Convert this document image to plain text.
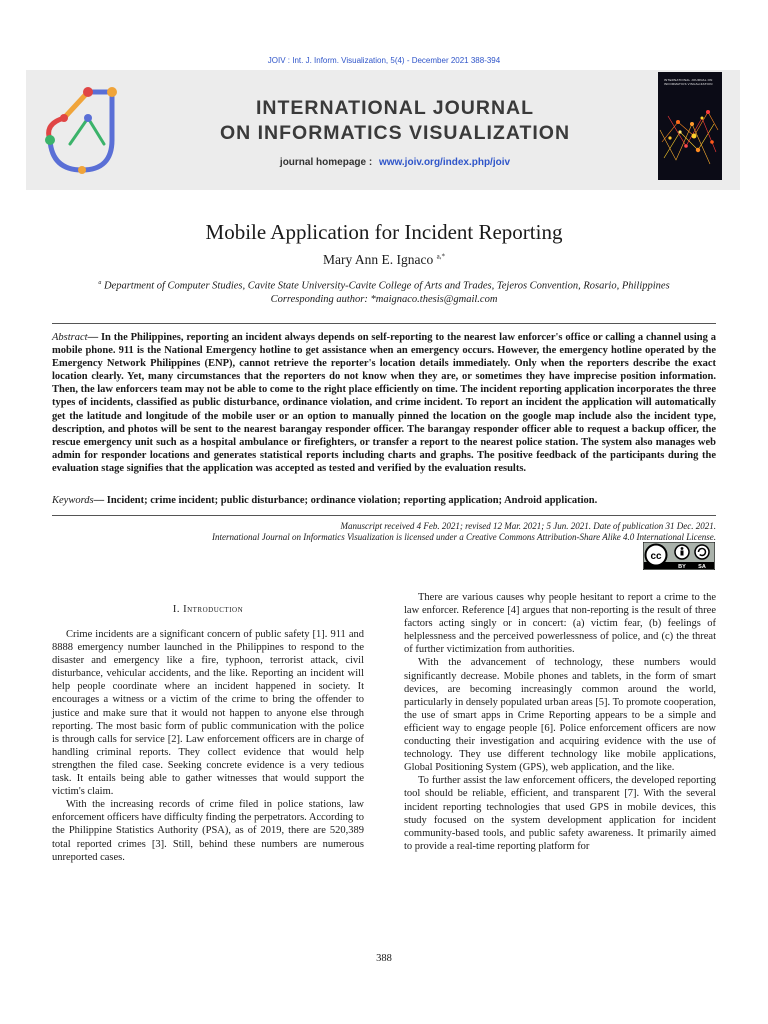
JOIV : Int. J. Inform. Visualization, 5(4) - December 2021 388-394
INTERNATIONAL JOURNAL
ON INFORMATICS VISUALIZATION
journal homepage : www.joiv.org/index.php/joiv
INTERNATIONAL JOURNAL ON INFORMATICS VISUALIZATION
Mobile Application for Incident Reporting
Mary Ann E. Ignaco $^{a,*}$
$^a$ Department of Computer Studies, Cavite State University-Cavite College of Arts and Trades, Tejeros Convention, Rosario, Philippines
Corresponding author: *maignaco.thesis@gmail.com
Abstract— In the Philippines, reporting an incident always depends on self-reporting to the nearest law enforcer's office or calling a channel using a mobile phone. 911 is the National Emergency hotline to get assistance when an emergency occurs. However, the emergency hotline operated by the Emergency Network Philippines (ENP), cannot retrieve the reporter's location details immediately. Only when the reporters describe the exact location clearly. Yet, many circumstances that the reporters do not know when they are, or sometimes they have imprecise position information. Then, the law enforcers team may not be able to come to the right place efficiently on time. The incident reporting application incorporates the three types of incidents, classified as public disturbance, ordinance violation, and crime incident. To report an incident the application will automatically get the latitude and longitude of the mobile user or an option to manually pinned the location on the google map include also the incident type, description, and photos will be sent to the nearest barangay responder officer. The barangay responder officer able to request a backup officer, the rescue emergency unit such as a hospital ambulance or firefighters, or transfer a report to the nearest police station. The system also manages web admin for responder locations and generates statistical reports including charts and graphs. The positive feedback of the participants during the evaluation stage signifies that the application was accepted as tested and verified by the evaluation results.
Keywords— Incident; crime incident; public disturbance; ordinance violation; reporting application; Android application.
Manuscript received 4 Feb. 2021; revised 12 Mar. 2021; 5 Jun. 2021. Date of publication 31 Dec. 2021.
International Journal on Informatics Visualization is licensed under a Creative Commons Attribution-Share Alike 4.0 International License.
cc
BY SA
I. Introduction

Crime incidents are a significant concern of public safety [1]. 911 and 8888 emergency number launched in the Philippines to respond to the disaster and emergency like a fire, typhoon, terrorist attack, civil disturbance, vehicular accidents, and the like. Reporting an incident will help people coordinate where an incident happened in society. It encourages a witness or a victim of the crime to bring the offender to justice and make sure that it would not happen to anyone else through reporting. The most basic form of public communication with the police is through calls for service [2]. Law enforcement officers are in charge of handling criminal reports. They collect evidence that would help strengthen the filed case. Seeking concrete evidence is a very tedious task. It entails being able to gather witnesses that would support the victim's claim.

With the increasing records of crime filed in police stations, law enforcement officers have difficulty finding the perpetrators. According to the Philippine Statistics Authority (PSA), as of 2019, there are 520,389 total reported crimes [3]. Still, behind these numbers are numerous unreported cases.

There are various causes why people hesitant to report a crime to the law enforcer. Reference [4] argues that non-reporting is the result of three factors acting singly or in concert: (a) victim fear, (b) feelings of helplessness and the perceived powerlessness of police, and (c) the threat of further victimization from authorities.

With the advancement of technology, these numbers would significantly decrease. Mobile phones and tablets, in the form of smart devices, are becoming increasingly common around the world, particularly in densely populated urban areas [5]. To promote cooperation, the use of smart apps in Crime Reporting appears to be a simple and efficient way to engage people [6]. Police enforcement officers are now conducting their investigation and acquiring evidence with the use of technology. They use different technology like mobile applications, Global Positioning System (GPS), web application, and the like.

To further assist the law enforcement officers, the developed reporting tool should be reliable, efficient, and transparent [7]. With the several incident reporting technologies that used GPS in mobile devices, this study focused on the system development application for incident community-based tools, and public safety awareness. It primarily aimed to provide a real-time reporting platform for

388
